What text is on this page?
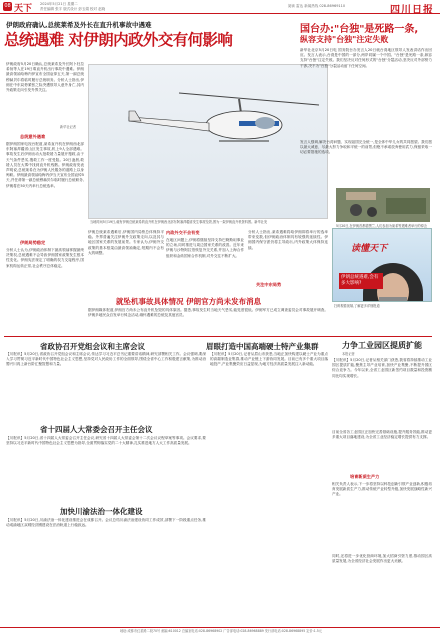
08 天下 2024年5月21日 星期二
责任编辑 张宇 版式设计 彭玉娟 校对 赵晓
阅读 雷达 新闻热线 028-86969110	四川日报
伊朗政府确认,总统莱希及外长在直升机事故中遇难
总统遇难 对伊朗内政外交有何影响
伊朗政府5月20日确认,总统莱希及外长阿卜杜拉希扬等人在19日乘直升机出行事故中遇难。伊朗最高领袖哈梅内伊宣布全国哀悼五天,第一副总统穆赫贝尔将临时履行总统职务。分析人士指出,伊朗在中东局势紧张之际突遭领导人意外身亡,其内外政策走向引发外界关注。
新华社记者
总统意外遇难
据伊朗国家电视台报道,莱希直升机在伊朗西北部东阿塞拜疆省山区发生事故,机上9人全部遇难。事故发生后伊朗出动大批救援力量展开搜救,由于天气条件恶劣,搜救工作一度受阻。20日凌晨,救援人员在大雾中找到直升机残骸。伊朗政府发表声明说,总统莱希在为伊朗人民服务的道路上以身殉职。伊朗最高领袖哈梅内伊当天宣布全国哀悼5天,并任命第一副总统穆赫贝尔临时履行总统职务,伊朗将在50天内举行总统选举。
伊朗局势稳定
分析人士认为,伊朗政治体制下最高领袖掌握最终决策权,总统遇难不会导致伊朗国家政策发生根本性变化。伊朗宪法规定了明确的权力交接程序,国家机构运转正常,社会秩序总体稳定。
当地时间5月19日,载有伊朗总统莱希的直升机在伊朗西北部东阿塞拜疆省发生事故坠毁,图为一架伊朗直升机资料图。新华社发
5月20日,在伊朗首都德黑兰,人们参加为莱希等遇难者举行的悼念
伊朗总统莱希遇难后,伊朗国内局势总体保持平稳。外界普遍关注伊朗外交政策走向,以及其与地区国家关系的发展前景。专家认为,伊朗外交政策的基本框架由最高领袖确定,短期内不会有大的调整。
内政外交不会有变
在地区问题上,伊朗将继续坚持支持巴勒斯坦事业的立场,同时推进与周边国家关系的改善。近年来伊朗与沙特阿拉伯恢复外交关系,并加入上海合作组织和金砖国家合作机制,对外交往不断扩大。
分析人士指出,莱希遇难将给伊朗即将举行的选举带来变数,但伊朗政治体制具有较强的延续性。伊朗国内保守派仍将主导政坛,内外政策大体保持连续。
关注中东局势
读懂天下
伊朗总统遇难,会有多大影响?
扫码观看视频,了解更多详细报道
就坠机事故具体情况 伊朗官方尚未发布消息
据伊朗媒体报道,伊朗官方尚未公布直升机坠毁的具体原因。据悉,事故发生时当地天气恶劣,能见度很低。伊朗军方已成立调查委员会对事故展开调查。伊朗多地民众自发举行悼念活动,缅怀遇难的总统及其他官员。
省政协召开党组会议和主席会议
【川报讯】5月20日,省政协召开党组会议和主席会议,传达学习习近平总书记重要讲话精神,研究部署相关工作。会议强调,要深入学习贯彻习近平新时代中国特色社会主义思想,坚持党对人民政协工作的全面领导,围绕全省中心工作积极建言献策,为推动治蜀兴川再上新台阶汇聚智慧和力量。
省十四届人大常委会召开主任会议
【川报讯】5月20日,省十四届人大常委会召开主任会议,研究省十四届人大常委会第十二次会议议程草案等事项。会议要求,要坚持以习近平新时代中国特色社会主义思想为指导,全面贯彻落实党的二十大精神,扎实推进地方人大工作高质量发展。
加快川渝法治一体化建设
【川报讯】5月20日,川渝法治一体化建设推进会在成都召开。会议总结川渝法治建设协同工作成效,部署下一阶段重点任务,推动成渝地区双城经济圈建设在法治轨道上行稳致远。
眉眼打造中国高端硬士特产业集群
【川报讯】5月20日,记者从眉山市获悉,当地正加快构建以硬士产业为重点的高端制造业集群,推动产业链上下游协同发展。目前已有多个重大项目落地投产,产业集聚效应日益显现,为地方经济高质量发展注入新动能。
国台办:"台独"是死路一条,
纵容支持"台独"注定失败
新华社北京5月20日电 国务院台办发言人20日就台湾地区领导人发表讲话作出回应。发言人表示,台湾是中国的一部分,两岸同属一个中国。"台独"是死路一条,纵容支持"台独"注定失败。我们坚决反对任何形式的"台独"分裂活动,坚决反对外部势力干涉,决不为"台独"分裂活动留下任何空间。
发言人强调,解决台湾问题、实现祖国完全统一,是全体中华儿女的共同愿望。我们愿以最大诚意、尽最大努力争取和平统一的前景,但绝不承诺放弃使用武力,保留采取一切必要措施的选项。
力争工业园区提质扩能
本报记者
【川报讯】5月20日,记者从相关部门获悉,我省将持续推动工业园区提质扩能,聚焦主导产业培育,加快产业集聚,不断提升园区综合竞争力。今年以来,全省工业园区新签约项目数量和投资额同比均实现增长。
目前全省各工业园区正加快完善基础设施,提升服务效能,推动更多重大项目落地建设,为全省工业经济稳定增长提供有力支撑。
培育新质生产力
相关负责人表示,下一步将坚持以科技创新引领产业创新,积极培育发展新质生产力,推动传统产业转型升级,加快发展战略性新兴产业。
同时,还将进一步优化营商环境,加大招商引资力度,推动园区高质量发展,为全省经济社会发展作出更大贡献。
地址:成都市红星路二段70号 邮编:610012 总编室电话:028-86968902 广告部电话:028-86968889 发行部电话:028-86968895 定价:1.5元
